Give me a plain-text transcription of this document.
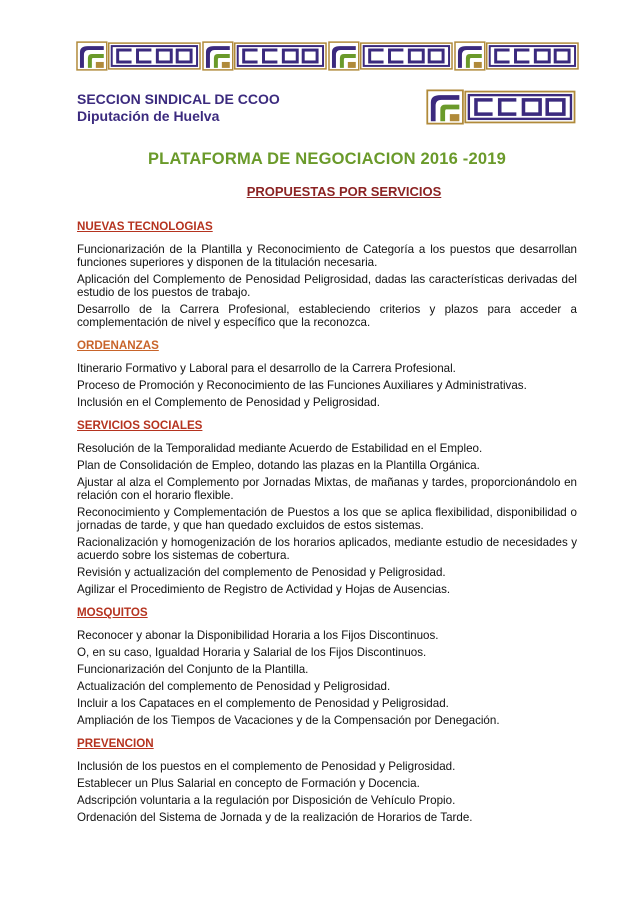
SECCION SINDICAL DE CCOO
Diputación de Huelva
PLATAFORMA DE NEGOCIACION 2016 -2019
PROPUESTAS POR SERVICIOS
NUEVAS TECNOLOGIAS
Funcionarización de la Plantilla y Reconocimiento de Categoría a los puestos que desarrollan funciones superiores y disponen de la titulación necesaria.
Aplicación del Complemento de Penosidad Peligrosidad, dadas las características derivadas del estudio de los puestos de trabajo.
Desarrollo de la Carrera Profesional, estableciendo criterios y plazos para acceder a complementación de nivel y específico que la reconozca.
ORDENANZAS
Itinerario Formativo y Laboral para el desarrollo de la Carrera Profesional.
Proceso de Promoción y Reconocimiento de las Funciones Auxiliares y Administrativas.
Inclusión en el Complemento de Penosidad y Peligrosidad.
SERVICIOS SOCIALES
Resolución de la Temporalidad mediante Acuerdo de Estabilidad en el Empleo.
Plan de Consolidación de Empleo, dotando las plazas en la Plantilla Orgánica.
Ajustar al alza el Complemento por Jornadas Mixtas, de mañanas y tardes, proporcionándolo en relación con el horario flexible.
Reconocimiento y Complementación de Puestos a los que se aplica flexibilidad, disponibilidad o jornadas de tarde, y que han quedado excluidos de estos sistemas.
Racionalización y homogenización de los horarios aplicados, mediante estudio de necesidades y acuerdo sobre los sistemas de cobertura.
Revisión y actualización del complemento de Penosidad y Peligrosidad.
Agilizar el Procedimiento de Registro de Actividad y Hojas de Ausencias.
MOSQUITOS
Reconocer y abonar la Disponibilidad Horaria a los Fijos Discontinuos.
O, en su caso, Igualdad Horaria y Salarial de los Fijos Discontinuos.
Funcionarización del Conjunto de la Plantilla.
Actualización del complemento de Penosidad y Peligrosidad.
Incluir a los Capataces en el complemento de Penosidad y Peligrosidad.
Ampliación de los Tiempos de Vacaciones y de la Compensación por Denegación.
PREVENCION
Inclusión de los puestos en el complemento de Penosidad y Peligrosidad.
Establecer un Plus Salarial en concepto de Formación y Docencia.
Adscripción voluntaria a la regulación por Disposición de Vehículo Propio.
Ordenación del Sistema de Jornada y de la realización de Horarios de Tarde.
